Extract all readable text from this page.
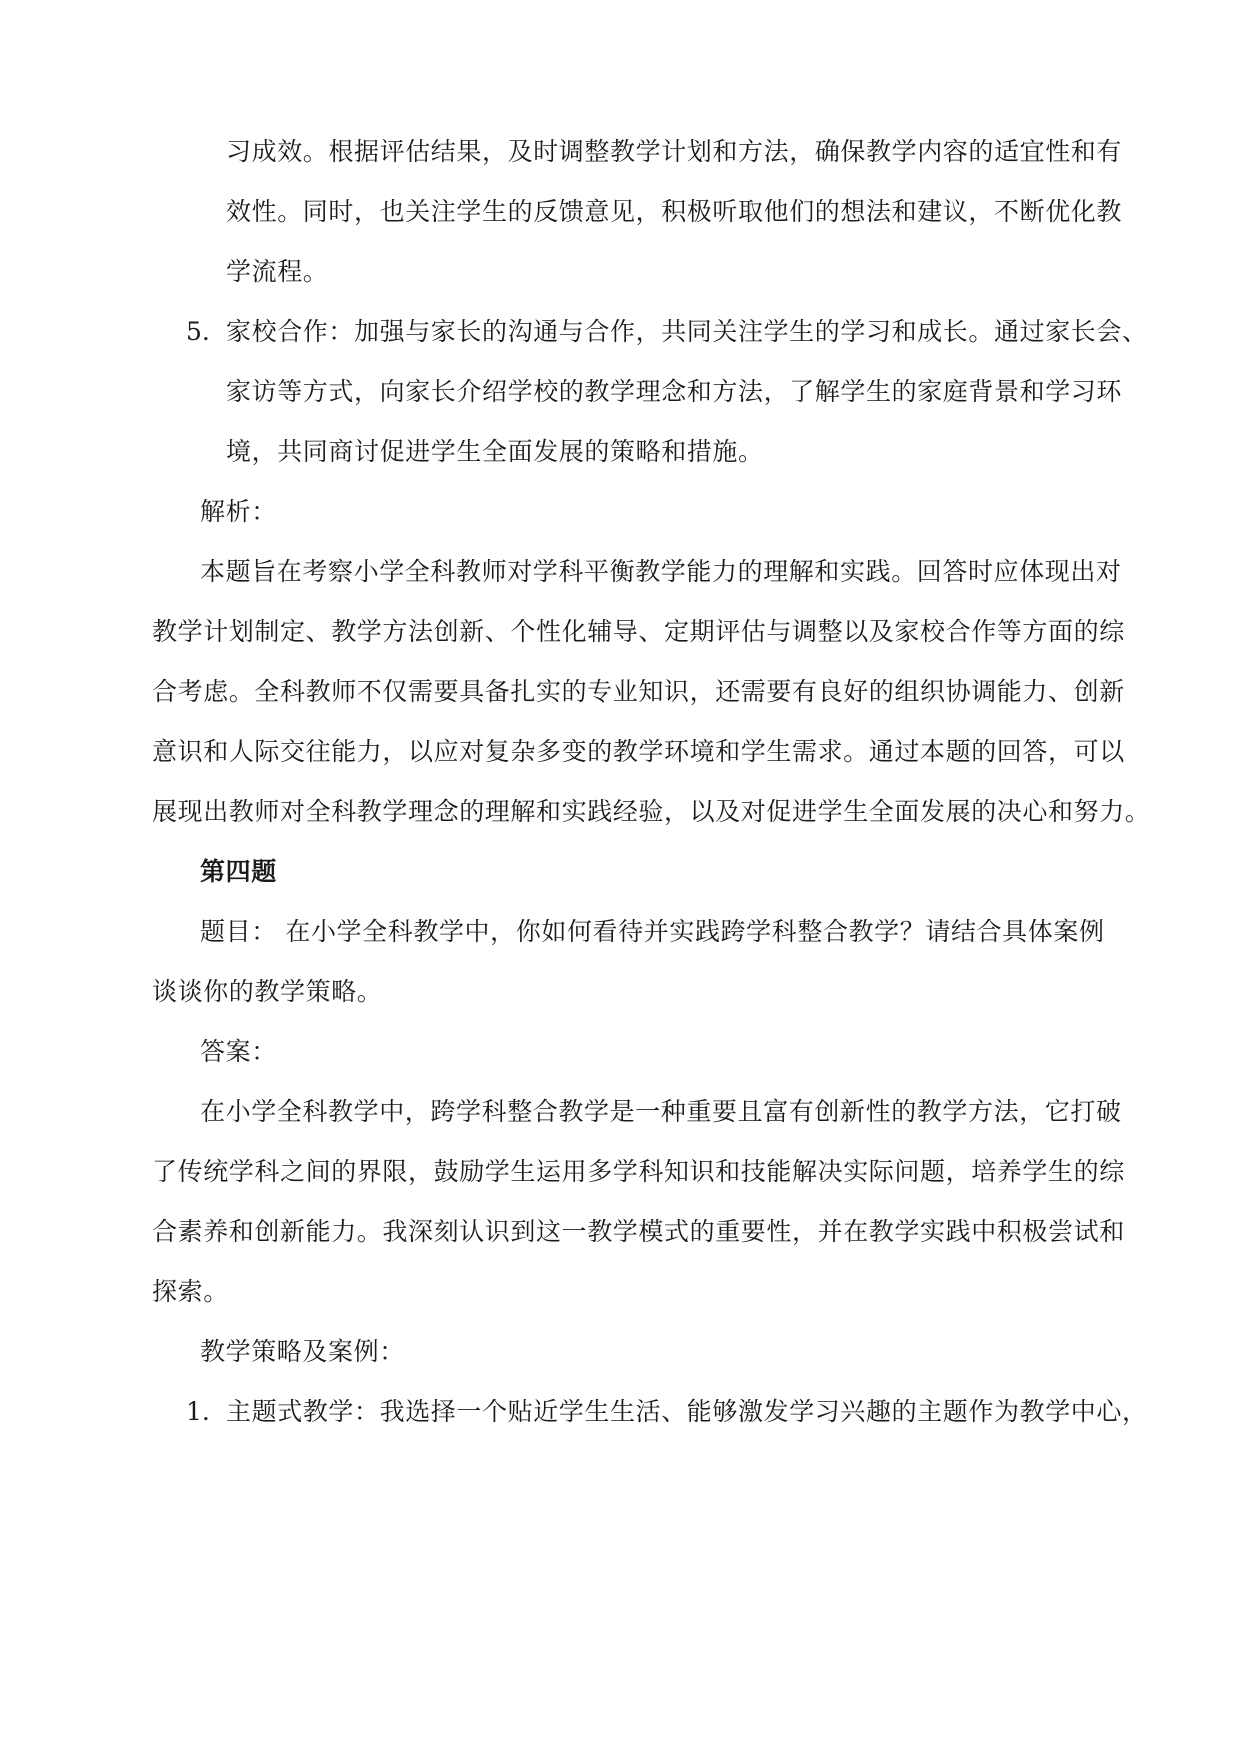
习成效。根据评估结果，及时调整教学计划和方法，确保教学内容的适宜性和有
效性。同时，也关注学生的反馈意见，积极听取他们的想法和建议，不断优化教
学流程。
5. 家校合作：加强与家长的沟通与合作，共同关注学生的学习和成长。通过家长会、
家访等方式，向家长介绍学校的教学理念和方法，了解学生的家庭背景和学习环
境，共同商讨促进学生全面发展的策略和措施。
解析：
本题旨在考察小学全科教师对学科平衡教学能力的理解和实践。回答时应体现出对
教学计划制定、教学方法创新、个性化辅导、定期评估与调整以及家校合作等方面的综
合考虑。全科教师不仅需要具备扎实的专业知识，还需要有良好的组织协调能力、创新
意识和人际交往能力，以应对复杂多变的教学环境和学生需求。通过本题的回答，可以
展现出教师对全科教学理念的理解和实践经验，以及对促进学生全面发展的决心和努力。
第四题
题目： 在小学全科教学中，你如何看待并实践跨学科整合教学？请结合具体案例
谈谈你的教学策略。
答案：
在小学全科教学中，跨学科整合教学是一种重要且富有创新性的教学方法，它打破
了传统学科之间的界限，鼓励学生运用多学科知识和技能解决实际问题，培养学生的综
合素养和创新能力。我深刻认识到这一教学模式的重要性，并在教学实践中积极尝试和
探索。
教学策略及案例：
1. 主题式教学：我选择一个贴近学生生活、能够激发学习兴趣的主题作为教学中心，
